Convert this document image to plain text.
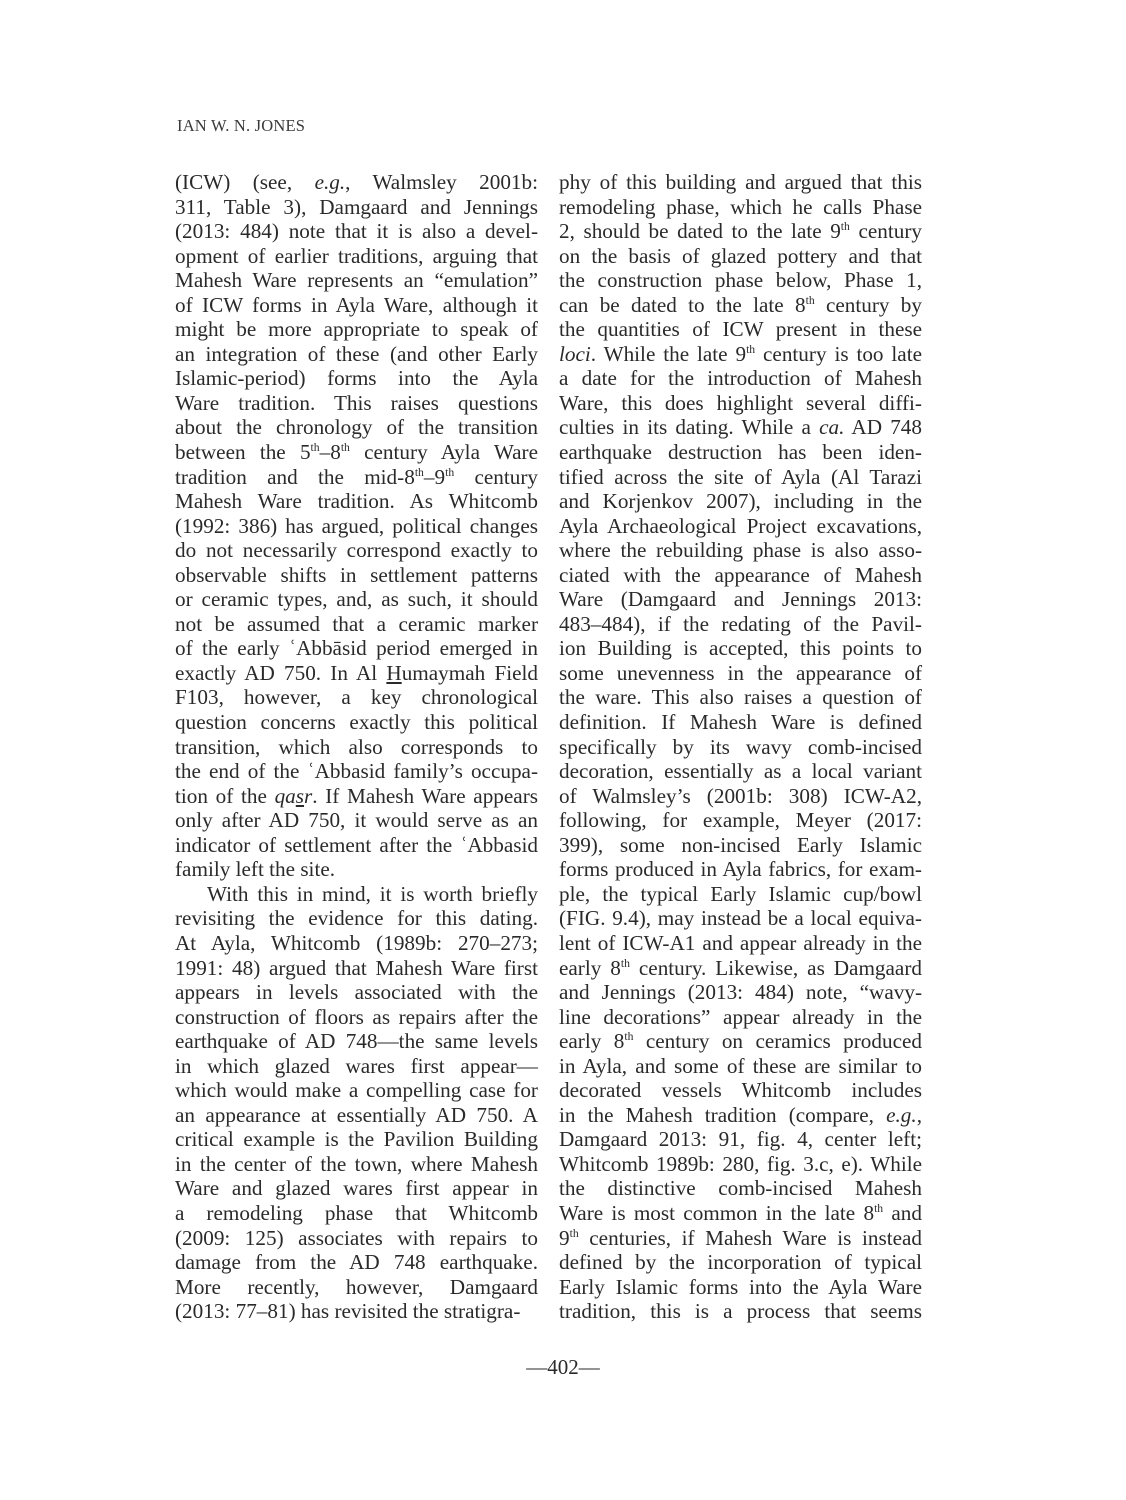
IAN W. N. JONES
(ICW) (see, e.g., Walmsley 2001b:
311, Table 3), Damgaard and Jennings
(2013: 484) note that it is also a devel-
opment of earlier traditions, arguing that
Mahesh Ware represents an “emulation”
of ICW forms in Ayla Ware, although it
might be more appropriate to speak of
an integration of these (and other Early
Islamic-period) forms into the Ayla
Ware tradition. This raises questions
about the chronology of the transition
between the 5th–8th century Ayla Ware
tradition and the mid-8th–9th century
Mahesh Ware tradition. As Whitcomb
(1992: 386) has argued, political changes
do not necessarily correspond exactly to
observable shifts in settlement patterns
or ceramic types, and, as such, it should
not be assumed that a ceramic marker
of the early ʿAbbāsid period emerged in
exactly AD 750. In Al Humaymah Field
F103, however, a key chronological
question concerns exactly this political
transition, which also corresponds to
the end of the ʿAbbasid family’s occupa-
tion of the qasr. If Mahesh Ware appears
only after AD 750, it would serve as an
indicator of settlement after the ʿAbbasid
family left the site.
With this in mind, it is worth briefly
revisiting the evidence for this dating.
At Ayla, Whitcomb (1989b: 270–273;
1991: 48) argued that Mahesh Ware first
appears in levels associated with the
construction of floors as repairs after the
earthquake of AD 748—the same levels
in which glazed wares first appear—
which would make a compelling case for
an appearance at essentially AD 750. A
critical example is the Pavilion Building
in the center of the town, where Mahesh
Ware and glazed wares first appear in
a remodeling phase that Whitcomb
(2009: 125) associates with repairs to
damage from the AD 748 earthquake.
More recently, however, Damgaard
(2013: 77–81) has revisited the stratigra-
phy of this building and argued that this
remodeling phase, which he calls Phase
2, should be dated to the late 9th century
on the basis of glazed pottery and that
the construction phase below, Phase 1,
can be dated to the late 8th century by
the quantities of ICW present in these
loci. While the late 9th century is too late
a date for the introduction of Mahesh
Ware, this does highlight several diffi-
culties in its dating. While a ca. AD 748
earthquake destruction has been iden-
tified across the site of Ayla (Al Tarazi
and Korjenkov 2007), including in the
Ayla Archaeological Project excavations,
where the rebuilding phase is also asso-
ciated with the appearance of Mahesh
Ware (Damgaard and Jennings 2013:
483–484), if the redating of the Pavil-
ion Building is accepted, this points to
some unevenness in the appearance of
the ware. This also raises a question of
definition. If Mahesh Ware is defined
specifically by its wavy comb-incised
decoration, essentially as a local variant
of Walmsley’s (2001b: 308) ICW-A2,
following, for example, Meyer (2017:
399), some non-incised Early Islamic
forms produced in Ayla fabrics, for exam-
ple, the typical Early Islamic cup/bowl
(FIG. 9.4), may instead be a local equiva-
lent of ICW-A1 and appear already in the
early 8th century. Likewise, as Damgaard
and Jennings (2013: 484) note, “wavy-
line decorations” appear already in the
early 8th century on ceramics produced
in Ayla, and some of these are similar to
decorated vessels Whitcomb includes
in the Mahesh tradition (compare, e.g.,
Damgaard 2013: 91, fig. 4, center left;
Whitcomb 1989b: 280, fig. 3.c, e). While
the distinctive comb-incised Mahesh
Ware is most common in the late 8th and
9th centuries, if Mahesh Ware is instead
defined by the incorporation of typical
Early Islamic forms into the Ayla Ware
tradition, this is a process that seems
—402—
